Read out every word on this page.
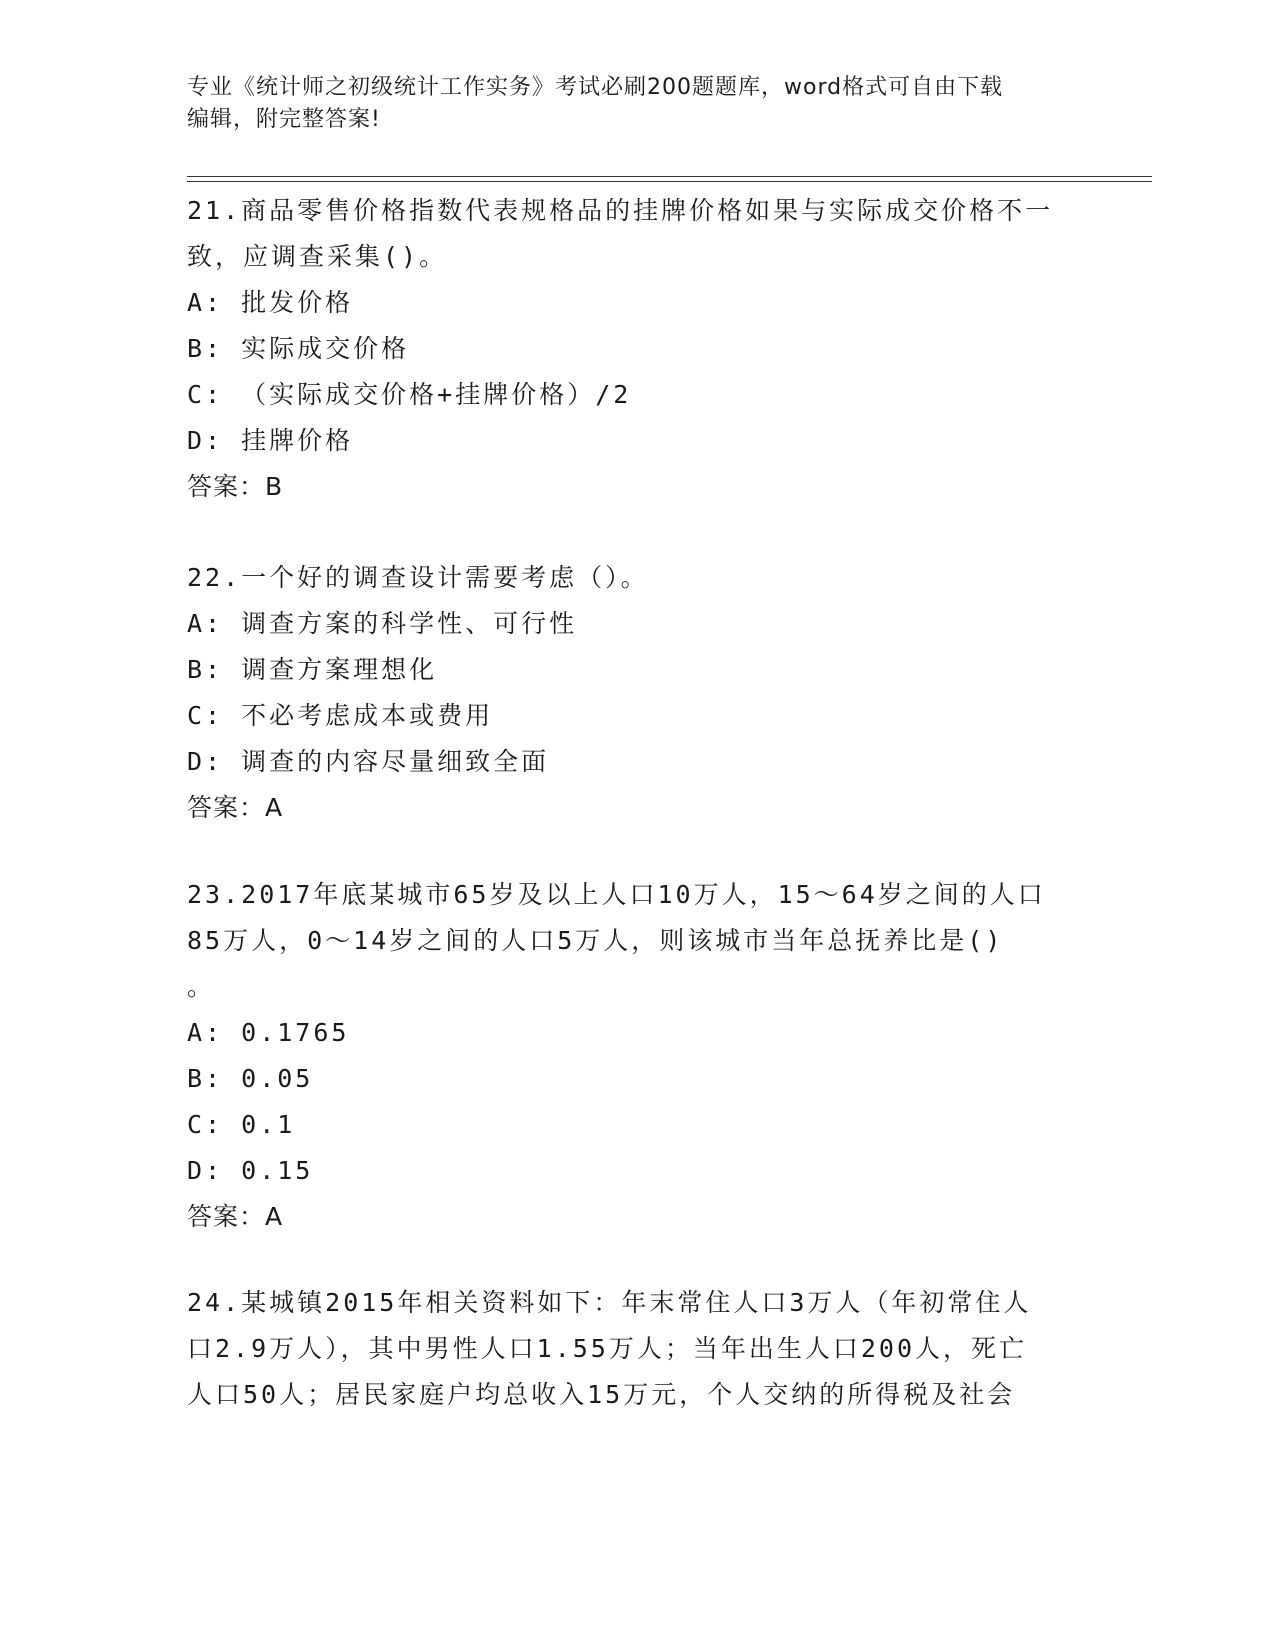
专业《统计师之初级统计工作实务》考试必刷200题题库，word格式可自由下载
编辑，附完整答案!

21.商品零售价格指数代表规格品的挂牌价格如果与实际成交价格不一

致，应调查采集()。

A: 批发价格

B: 实际成交价格

C: （实际成交价格+挂牌价格）/2

D: 挂牌价格

答案：B

22.一个好的调查设计需要考虑（）。

A: 调查方案的科学性、可行性

B: 调查方案理想化

C: 不必考虑成本或费用

D: 调查的内容尽量细致全面

答案：A

23.2017年底某城市65岁及以上人口10万人，15～64岁之间的人口

85万人，0～14岁之间的人口5万人，则该城市当年总抚养比是()

。

A: 0.1765

B: 0.05

C: 0.1

D: 0.15

答案：A

24.某城镇2015年相关资料如下：年末常住人口3万人（年初常住人

口2.9万人），其中男性人口1.55万人；当年出生人口200人，死亡

人口50人；居民家庭户均总收入15万元，个人交纳的所得税及社会
